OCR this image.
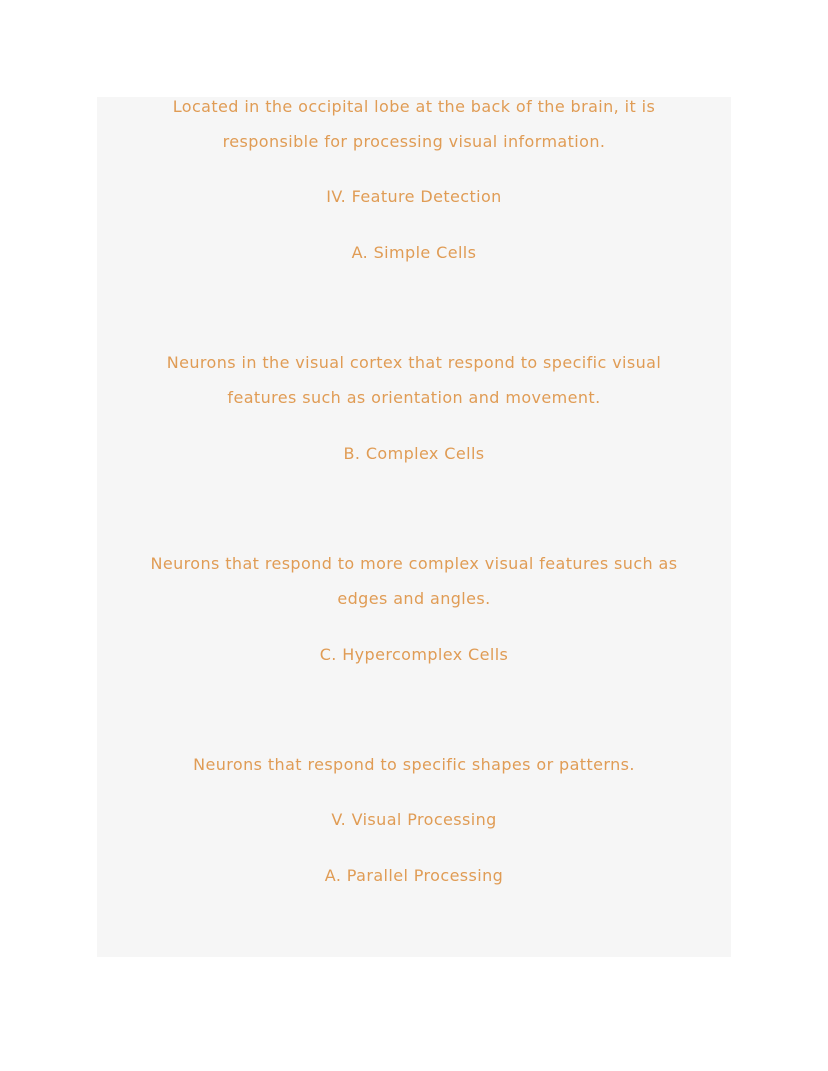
Located in the occipital lobe at the back of the brain, it is
responsible for processing visual information.
IV. Feature Detection
A. Simple Cells
Neurons in the visual cortex that respond to specific visual
features such as orientation and movement.
B. Complex Cells
Neurons that respond to more complex visual features such as
edges and angles.
C. Hypercomplex Cells
Neurons that respond to specific shapes or patterns.
V. Visual Processing
A. Parallel Processing
